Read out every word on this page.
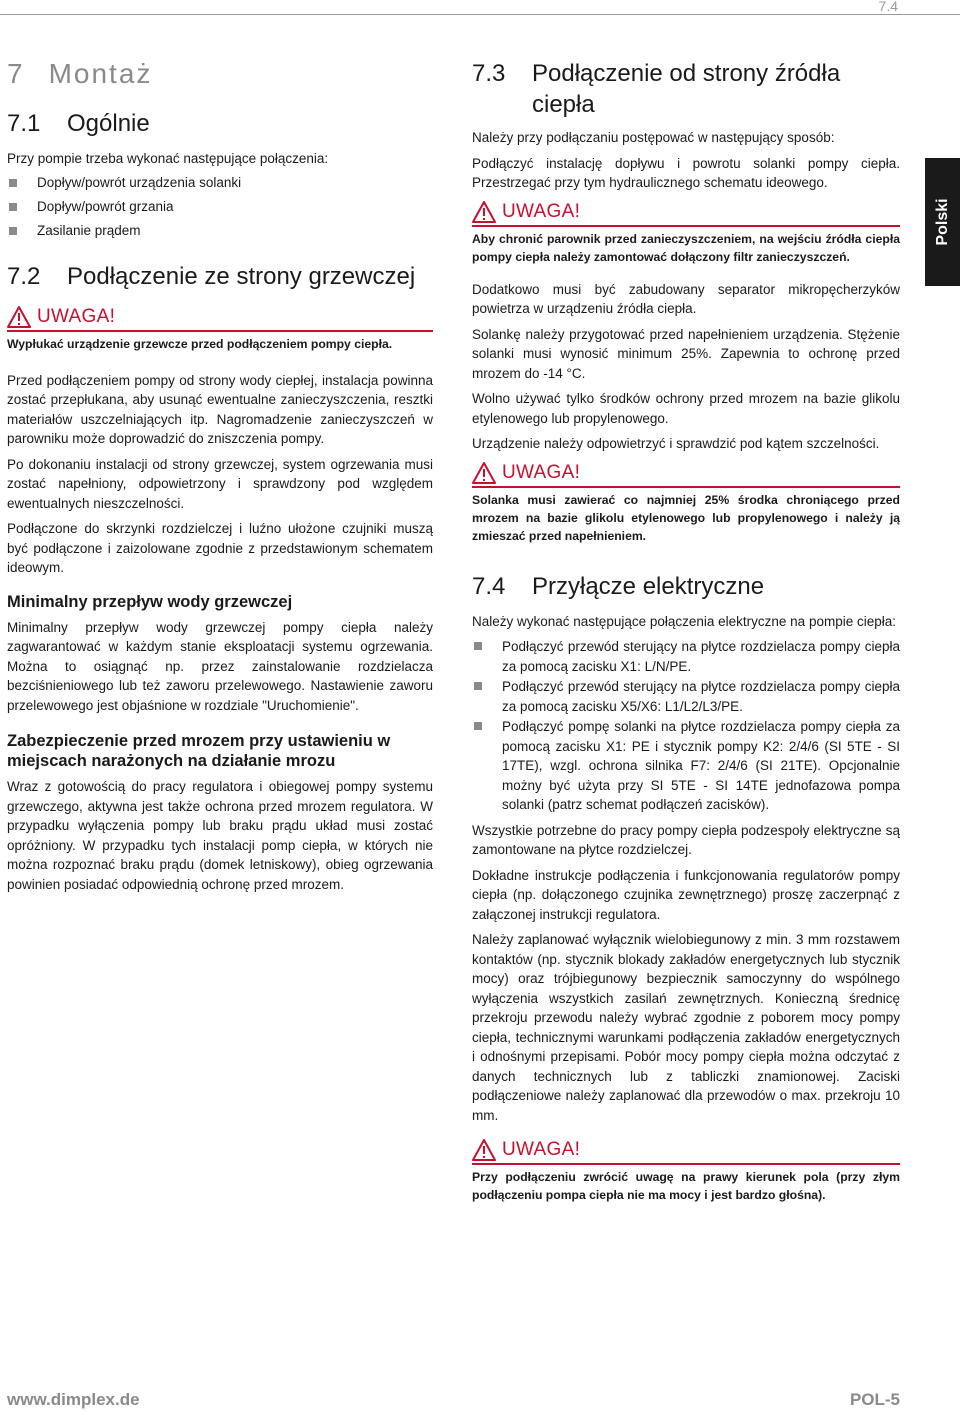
7.4
Polski
7 Montaż
7.1	Ogólnie

Przy pompie trzeba wykonać następujące połączenia:

Dopływ/powrót urządzenia solanki
Dopływ/powrót grzania
Zasilanie prądem
7.2	Podłączenie ze strony grzewczej
UWAGA!
Wypłukać urządzenie grzewcze przed podłączeniem pompy ciepła.

Przed podłączeniem pompy od strony wody ciepłej, instalacja powinna zostać przepłukana, aby usunąć ewentualne zanieczyszczenia, resztki materiałów uszczelniających itp. Nagromadzenie zanieczyszczeń w parowniku może doprowadzić do zniszczenia pompy.

Po dokonaniu instalacji od strony grzewczej, system ogrzewania musi zostać napełniony, odpowietrzony i sprawdzony pod względem ewentualnych nieszczelności.

Podłączone do skrzynki rozdzielczej i luźno ułożone czujniki muszą być podłączone i zaizolowane zgodnie z przedstawionym schematem ideowym.

Minimalny przepływ wody grzewczej

Minimalny przepływ wody grzewczej pompy ciepła należy zagwarantować w każdym stanie eksploatacji systemu ogrzewania. Można to osiągnąć np. przez zainstalowanie rozdzielacza bezciśnieniowego lub też zaworu przelewowego. Nastawienie zaworu przelewowego jest objaśnione w rozdziale "Uruchomienie".

Zabezpieczenie przed mrozem przy ustawieniu w miejscach narażonych na działanie mrozu

Wraz z gotowością do pracy regulatora i obiegowej pompy systemu grzewczego, aktywna jest także ochrona przed mrozem regulatora. W przypadku wyłączenia pompy lub braku prądu układ musi zostać opróżniony. W przypadku tych instalacji pomp ciepła, w których nie można rozpoznać braku prądu (domek letniskowy), obieg ogrzewania powinien posiadać odpowiednią ochronę przed mrozem.

7.3	Podłączenie od strony źródła ciepła

Należy przy podłączaniu postępować w następujący sposób:

Podłączyć instalację dopływu i powrotu solanki pompy ciepła. Przestrzegać przy tym hydraulicznego schematu ideowego.

UWAGA!
Aby chronić parownik przed zanieczyszczeniem, na wejściu źródła ciepła pompy ciepła należy zamontować dołączony filtr zanieczyszczeń.

Dodatkowo musi być zabudowany separator mikropęcherzyków powietrza w urządzeniu źródła ciepła.

Solankę należy przygotować przed napełnieniem urządzenia. Stężenie solanki musi wynosić minimum 25%. Zapewnia to ochronę przed mrozem do -14 °C.

Wolno używać tylko środków ochrony przed mrozem na bazie glikolu etylenowego lub propylenowego.

Urządzenie należy odpowietrzyć i sprawdzić pod kątem szczelności.

UWAGA!
Solanka musi zawierać co najmniej 25% środka chroniącego przed mrozem na bazie glikolu etylenowego lub propylenowego i należy ją zmieszać przed napełnieniem.
7.4	Przyłącze elektryczne

Należy wykonać następujące połączenia elektryczne na pompie ciepła:

Podłączyć przewód sterujący na płytce rozdzielacza pompy ciepła za pomocą zacisku X1: L/N/PE.
Podłączyć przewód sterujący na płytce rozdzielacza pompy ciepła za pomocą zacisku X5/X6: L1/L2/L3/PE.
Podłączyć pompę solanki na płytce rozdzielacza pompy ciepła za pomocą zacisku X1: PE i stycznik pompy K2: 2/4/6 (SI 5TE - SI 17TE), wzgl. ochrona silnika F7: 2/4/6 (SI 21TE). Opcjonalnie możny być użyta przy SI 5TE - SI 14TE jednofazowa pompa solanki (patrz schemat podłączeń zacisków).

Wszystkie potrzebne do pracy pompy ciepła podzespoły elektryczne są zamontowane na płytce rozdzielczej.

Dokładne instrukcje podłączenia i funkcjonowania regulatorów pompy ciepła (np. dołączonego czujnika zewnętrznego) proszę zaczerpnąć z załączonej instrukcji regulatora.

Należy zaplanować wyłącznik wielobiegunowy z min. 3 mm rozstawem kontaktów (np. stycznik blokady zakładów energetycznych lub stycznik mocy) oraz trójbiegunowy bezpiecznik samoczynny do wspólnego wyłączenia wszystkich zasilań zewnętrznych. Konieczną średnicę przekroju przewodu należy wybrać zgodnie z poborem mocy pompy ciepła, technicznymi warunkami podłączenia zakładów energetycznych i odnośnymi przepisami. Pobór mocy pompy ciepła można odczytać z danych technicznych lub z tabliczki znamionowej. Zaciski podłączeniowe należy zaplanować dla przewodów o max. przekroju 10 mm.

UWAGA!
Przy podłączeniu zwrócić uwagę na prawy kierunek pola (przy złym podłączeniu pompa ciepła nie ma mocy i jest bardzo głośna).
www.dimplex.de	POL-5
